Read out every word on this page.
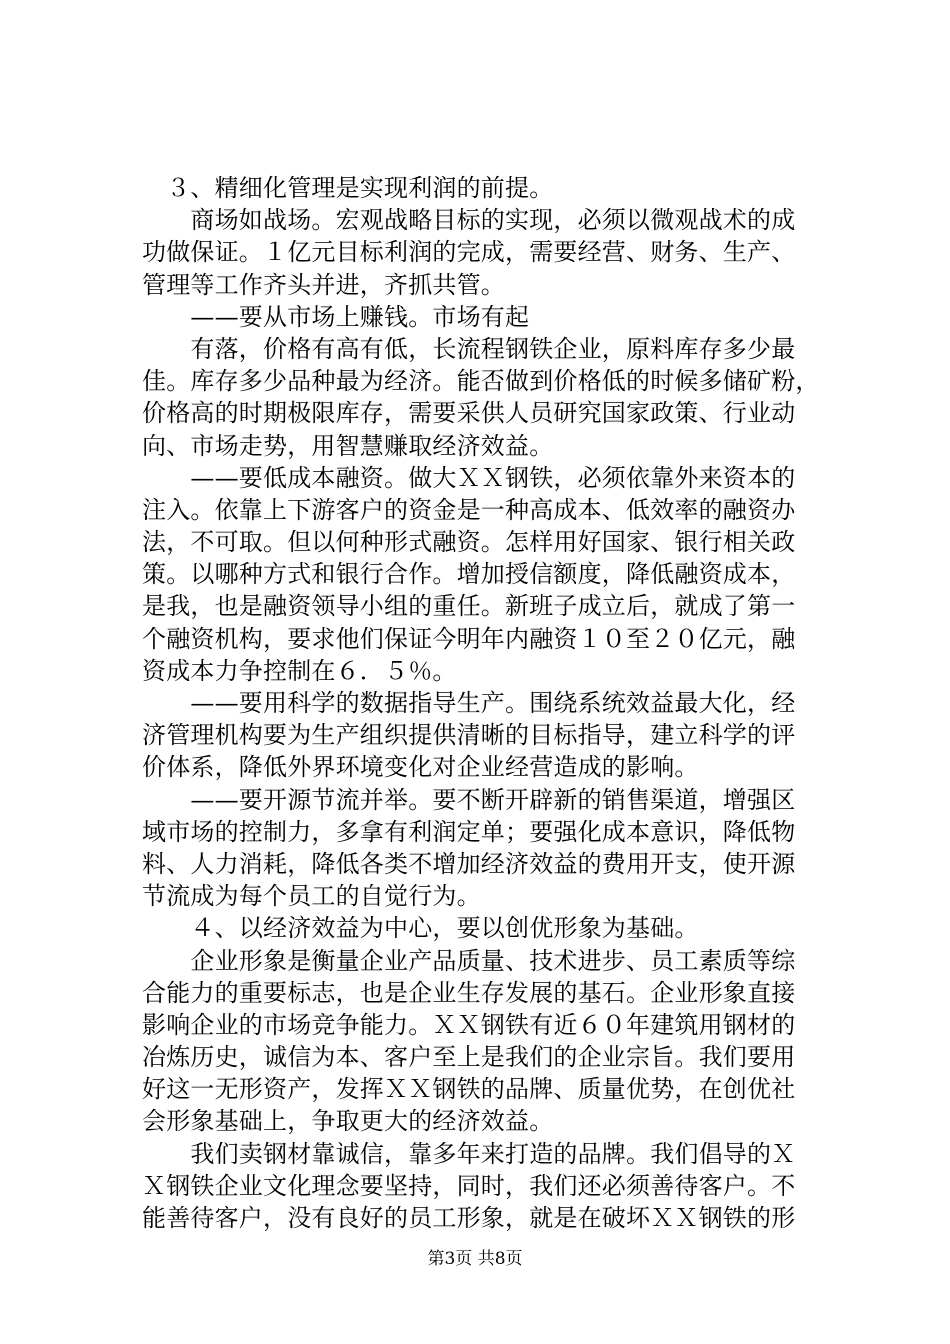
　３、精细化管理是实现利润的前提。
　　商场如战场。宏观战略目标的实现，必须以微观战术的成
功做保证。１亿元目标利润的完成，需要经营、财务、生产、
管理等工作齐头并进，齐抓共管。
　　——要从市场上赚钱。市场有起
　　有落，价格有高有低，长流程钢铁企业，原料库存多少最
佳。库存多少品种最为经济。能否做到价格低的时候多储矿粉，
价格高的时期极限库存，需要采供人员研究国家政策、行业动
向、市场走势，用智慧赚取经济效益。
　　——要低成本融资。做大ＸＸ钢铁，必须依靠外来资本的
注入。依靠上下游客户的资金是一种高成本、低效率的融资办
法，不可取。但以何种形式融资。怎样用好国家、银行相关政
策。以哪种方式和银行合作。增加授信额度，降低融资成本，
是我，也是融资领导小组的重任。新班子成立后，就成了第一
个融资机构，要求他们保证今明年内融资１０至２０亿元，融
资成本力争控制在６．５％。
　　——要用科学的数据指导生产。围绕系统效益最大化，经
济管理机构要为生产组织提供清晰的目标指导，建立科学的评
价体系，降低外界环境变化对企业经营造成的影响。
　　——要开源节流并举。要不断开辟新的销售渠道，增强区
域市场的控制力，多拿有利润定单；要强化成本意识，降低物
料、人力消耗，降低各类不增加经济效益的费用开支，使开源
节流成为每个员工的自觉行为。
　　４、以经济效益为中心，要以创优形象为基础。
　　企业形象是衡量企业产品质量、技术进步、员工素质等综
合能力的重要标志，也是企业生存发展的基石。企业形象直接
影响企业的市场竞争能力。ＸＸ钢铁有近６０年建筑用钢材的
冶炼历史，诚信为本、客户至上是我们的企业宗旨。我们要用
好这一无形资产，发挥ＸＸ钢铁的品牌、质量优势，在创优社
会形象基础上，争取更大的经济效益。
　　我们卖钢材靠诚信，靠多年来打造的品牌。我们倡导的Ｘ
Ｘ钢铁企业文化理念要坚持，同时，我们还必须善待客户。不
能善待客户，没有良好的员工形象，就是在破坏ＸＸ钢铁的形
第3页 共8页
